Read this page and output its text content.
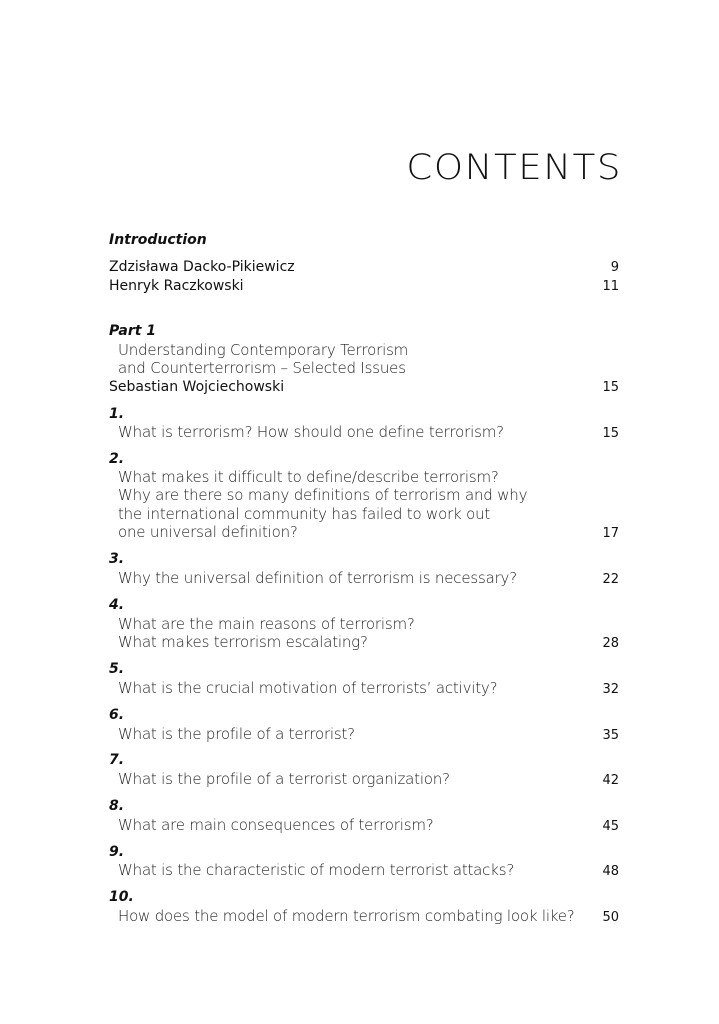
CONTENTS
Introduction
Zdzisława Dacko-Pikiewicz	9
Henryk Raczkowski	11
Part 1
Understanding Contemporary Terrorism
and Counterterrorism – Selected Issues
Sebastian Wojciechowski	15
1.
What is terrorism? How should one define terrorism?	15
2.
What makes it difficult to define/describe terrorism?
Why are there so many definitions of terrorism and why
the international community has failed to work out
one universal definition?	17
3.
Why the universal definition of terrorism is necessary?	22
4.
What are the main reasons of terrorism?
What makes terrorism escalating?	28
5.
What is the crucial motivation of terrorists’ activity?	32
6.
What is the profile of a terrorist?	35
7.
What is the profile of a terrorist organization?	42
8.
What are main consequences of terrorism?	45
9.
What is the characteristic of modern terrorist attacks?	48
10.
How does the model of modern terrorism combating look like? 50
